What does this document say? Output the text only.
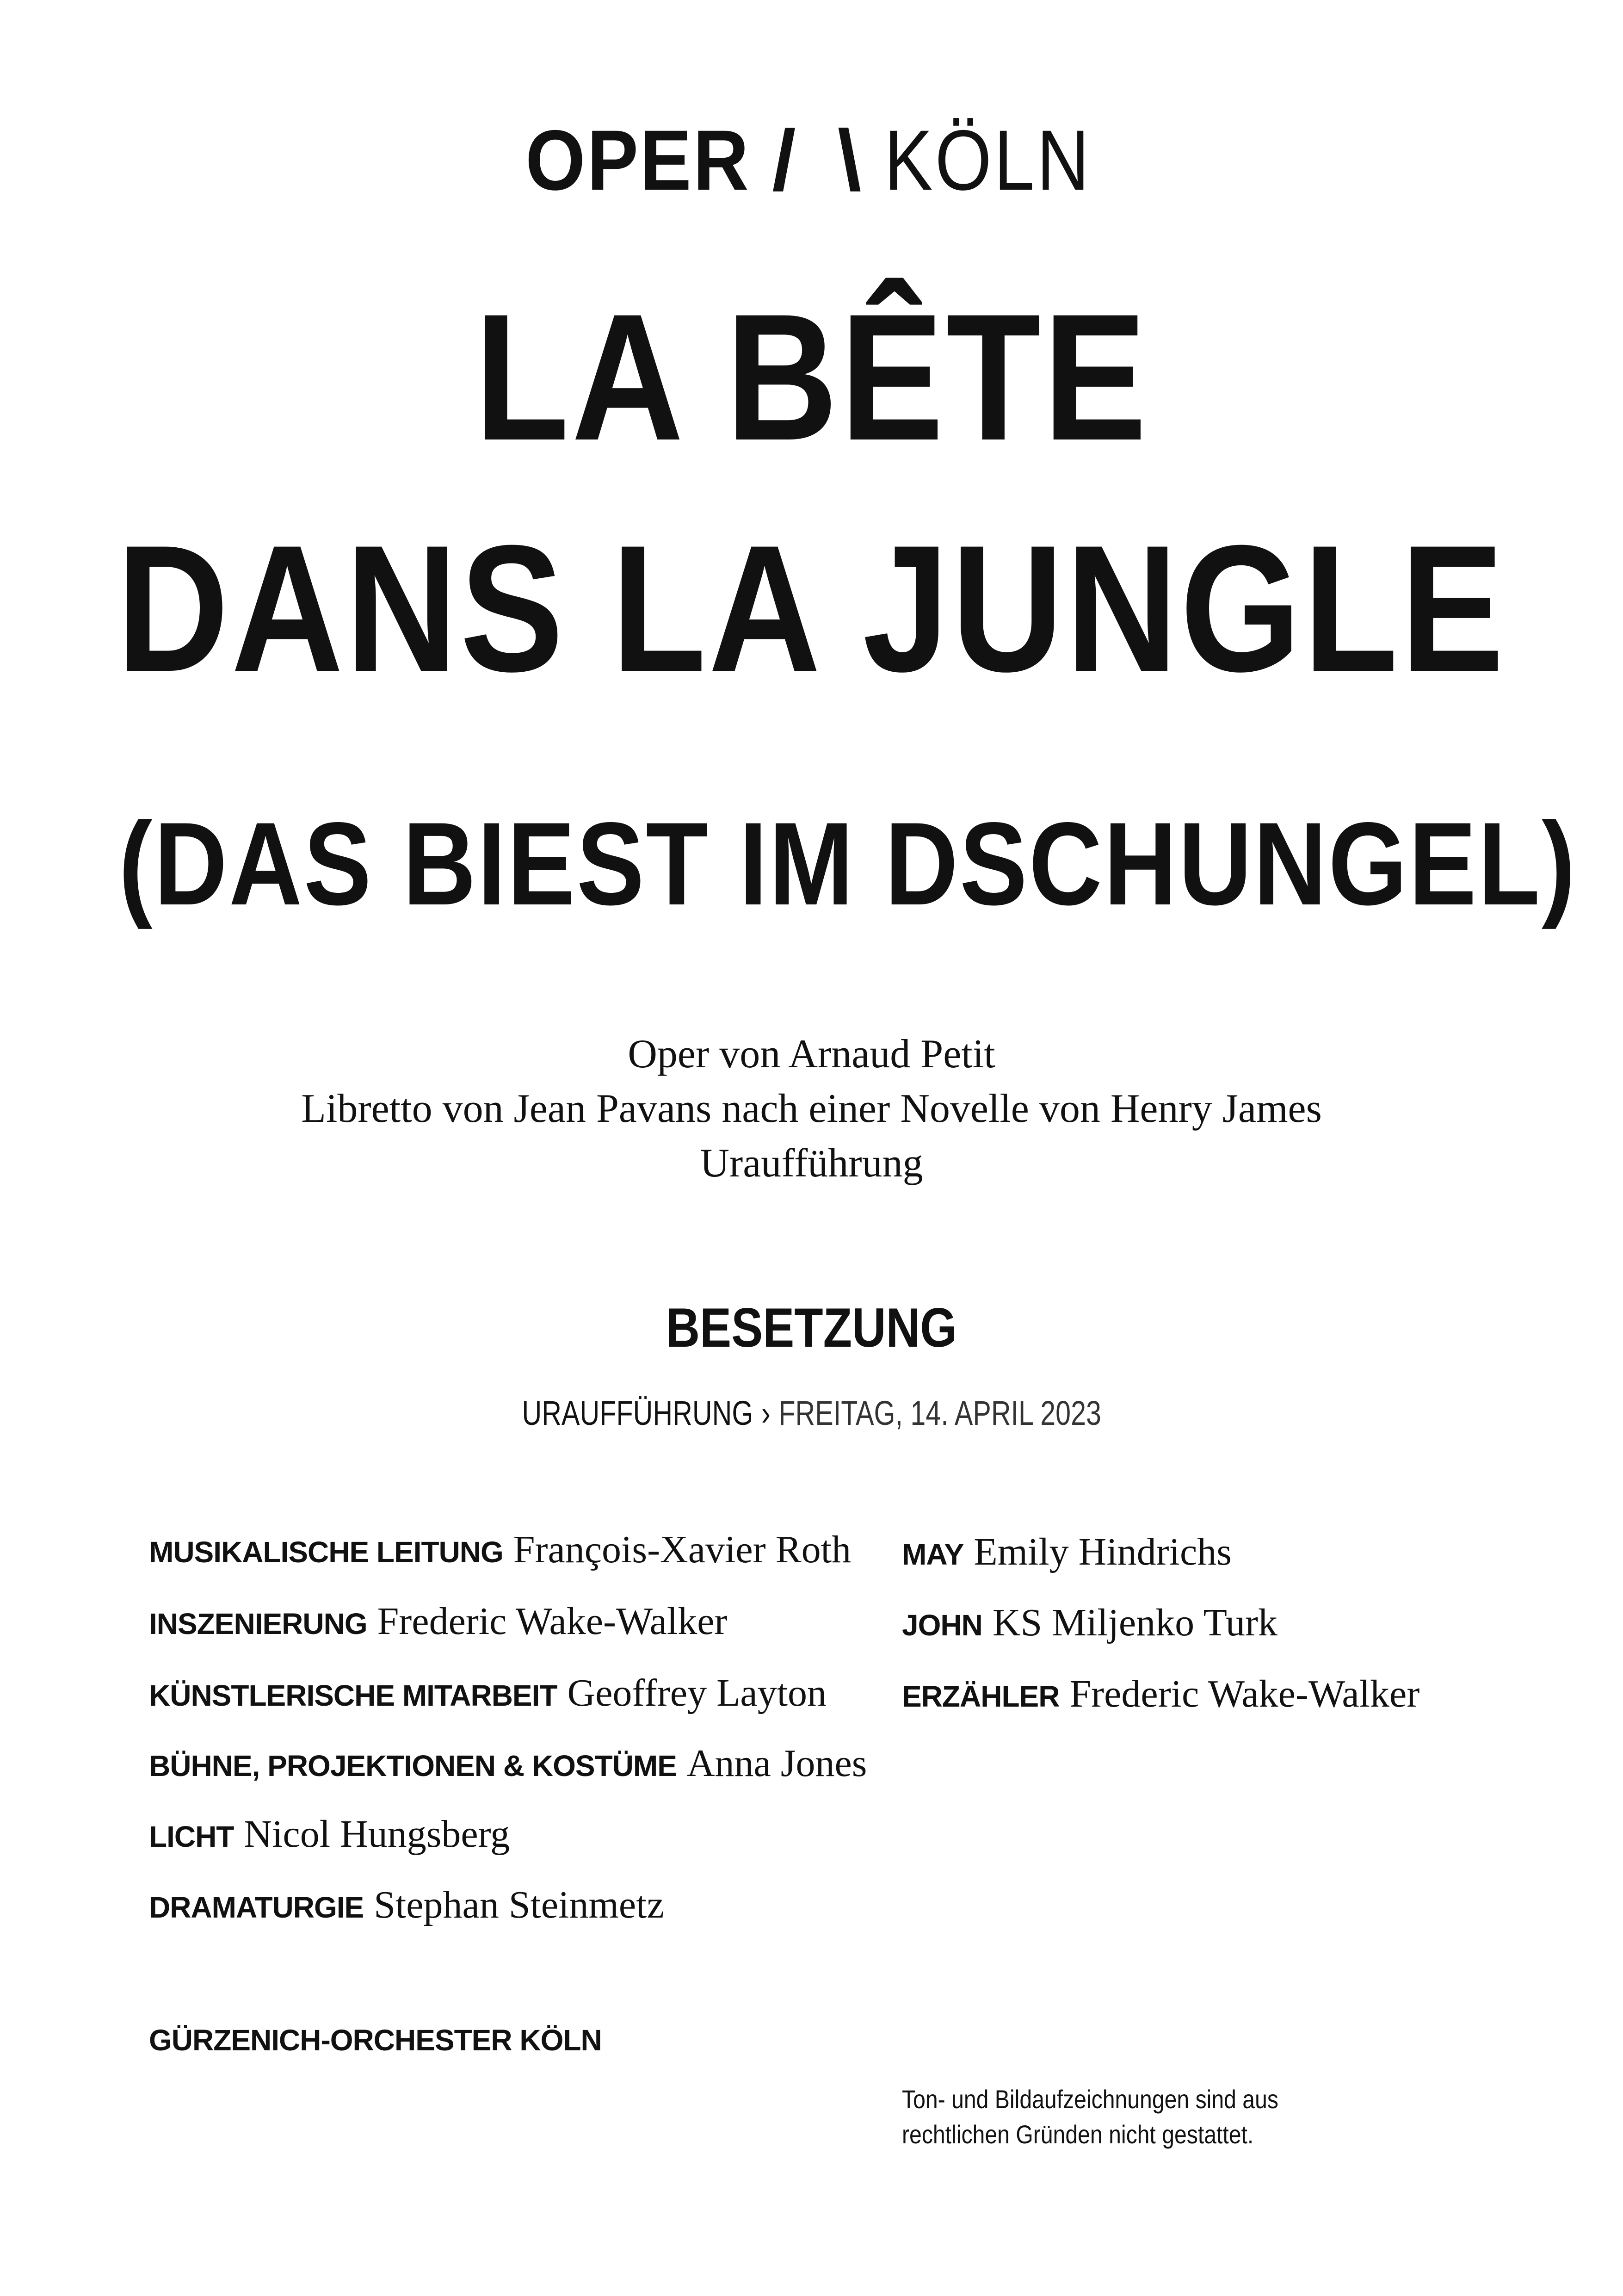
OPER / \ KÖLN
LA BÊTE
DANS LA JUNGLE
(DAS BIEST IM DSCHUNGEL)
Oper von Arnaud Petit
Libretto von Jean Pavans nach einer Novelle von Henry James
Uraufführung
BESETZUNG
URAUFFÜHRUNG › FREITAG, 14. APRIL 2023
MUSIKALISCHE LEITUNG François-Xavier Roth
INSZENIERUNG Frederic Wake-Walker
KÜNSTLERISCHE MITARBEIT Geoffrey Layton
BÜHNE, PROJEKTIONEN & KOSTÜME Anna Jones
LICHT Nicol Hungsberg
DRAMATURGIE Stephan Steinmetz
MAY Emily Hindrichs
JOHN KS Miljenko Turk
ERZÄHLER Frederic Wake-Walker
GÜRZENICH-ORCHESTER KÖLN
Ton- und Bildaufzeichnungen sind aus
rechtlichen Gründen nicht gestattet.
